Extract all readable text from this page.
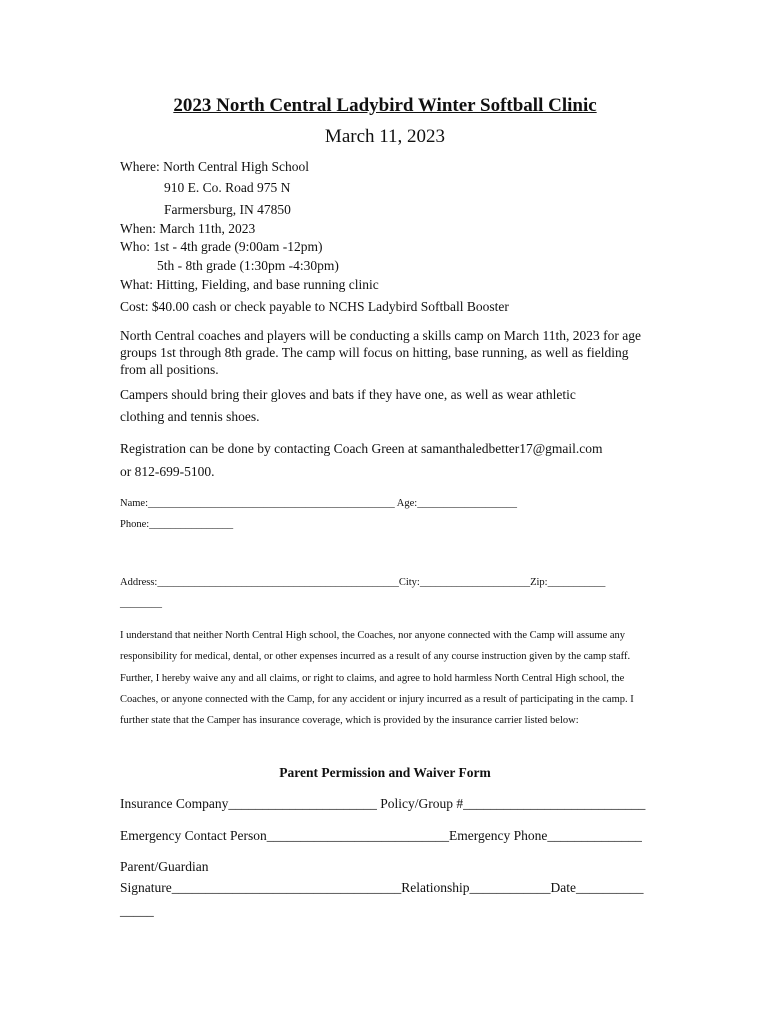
2023 North Central Ladybird Winter Softball Clinic
March 11, 2023
Where: North Central High School
910 E. Co. Road 975 N
Farmersburg, IN 47850
When: March 11th, 2023
Who: 1st - 4th grade (9:00am -12pm)
5th - 8th grade (1:30pm -4:30pm)
What: Hitting, Fielding, and base running clinic
Cost: $40.00 cash or check payable to NCHS Ladybird Softball Booster
North Central coaches and players will be conducting a skills camp on March 11th, 2023 for age groups 1st through 8th grade. The camp will focus on hitting, base running, as well as fielding from all positions.
Campers should bring their gloves and bats if they have one, as well as wear athletic
clothing and tennis shoes.
Registration can be done by contacting Coach Green at samanthaledbetter17@gmail.com
or 812-699-5100.
Name:_______________________________________________ Age:___________________
Phone:________________
Address:______________________________________________City:_____________________Zip:___________
________
I understand that neither North Central High school, the Coaches, nor anyone connected with the Camp will assume any responsibility for medical, dental, or other expenses incurred as a result of any course instruction given by the camp staff. Further, I hereby waive any and all claims, or right to claims, and agree to hold harmless North Central High school, the Coaches, or anyone connected with the Camp, for any accident or injury incurred as a result of participating in the camp. I further state that the Camper has insurance coverage, which is provided by the insurance carrier listed below:
Parent Permission and Waiver Form
Insurance Company______________________ Policy/Group #___________________________
Emergency Contact Person___________________________Emergency Phone______________
Parent/Guardian
Signature__________________________________Relationship____________Date__________
_____
